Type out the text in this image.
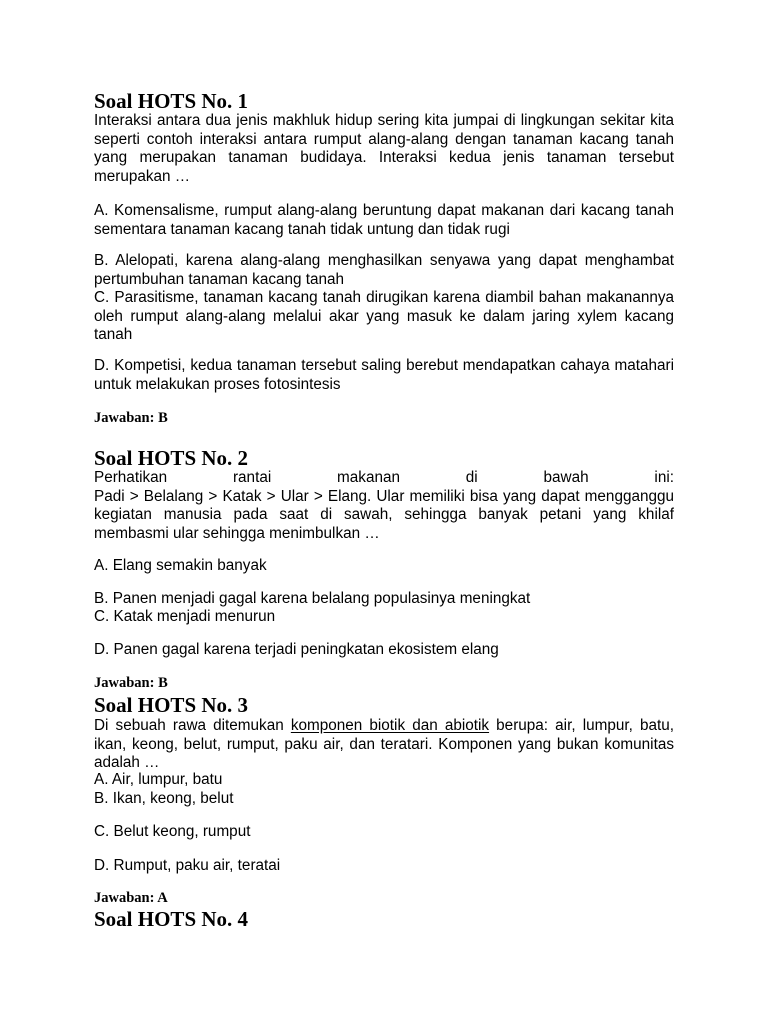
Soal HOTS No. 1

Interaksi antara dua jenis makhluk hidup sering kita jumpai di lingkungan sekitar kita seperti contoh interaksi antara rumput alang-alang dengan tanaman kacang tanah yang merupakan tanaman budidaya. Interaksi kedua jenis tanaman tersebut merupakan …

A. Komensalisme, rumput alang-alang beruntung dapat makanan dari kacang tanah sementara tanaman kacang tanah tidak untung dan tidak rugi

B. Alelopati, karena alang-alang menghasilkan senyawa yang dapat menghambat pertumbuhan tanaman kacang tanah

C. Parasitisme, tanaman kacang tanah dirugikan karena diambil bahan makanannya oleh rumput alang-alang melalui akar yang masuk ke dalam jaring xylem kacang tanah

D. Kompetisi, kedua tanaman tersebut saling berebut mendapatkan cahaya matahari untuk melakukan proses fotosintesis

Jawaban: B

Soal HOTS No. 2

Perhatikan rantai makanan di bawah ini:
Padi > Belalang > Katak > Ular > Elang. Ular memiliki bisa yang dapat mengganggu kegiatan manusia pada saat di sawah, sehingga banyak petani yang khilaf membasmi ular sehingga menimbulkan …

A. Elang semakin banyak

B. Panen menjadi gagal karena belalang populasinya meningkat

C. Katak menjadi menurun

D. Panen gagal karena terjadi peningkatan ekosistem elang

Jawaban: B

Soal HOTS No. 3

Di sebuah rawa ditemukan komponen biotik dan abiotik berupa: air, lumpur, batu, ikan, keong, belut, rumput, paku air, dan teratari. Komponen yang bukan komunitas adalah …

A. Air, lumpur, batu

B. Ikan, keong, belut

C. Belut keong, rumput

D. Rumput, paku air, teratai

Jawaban: A

Soal HOTS No. 4
